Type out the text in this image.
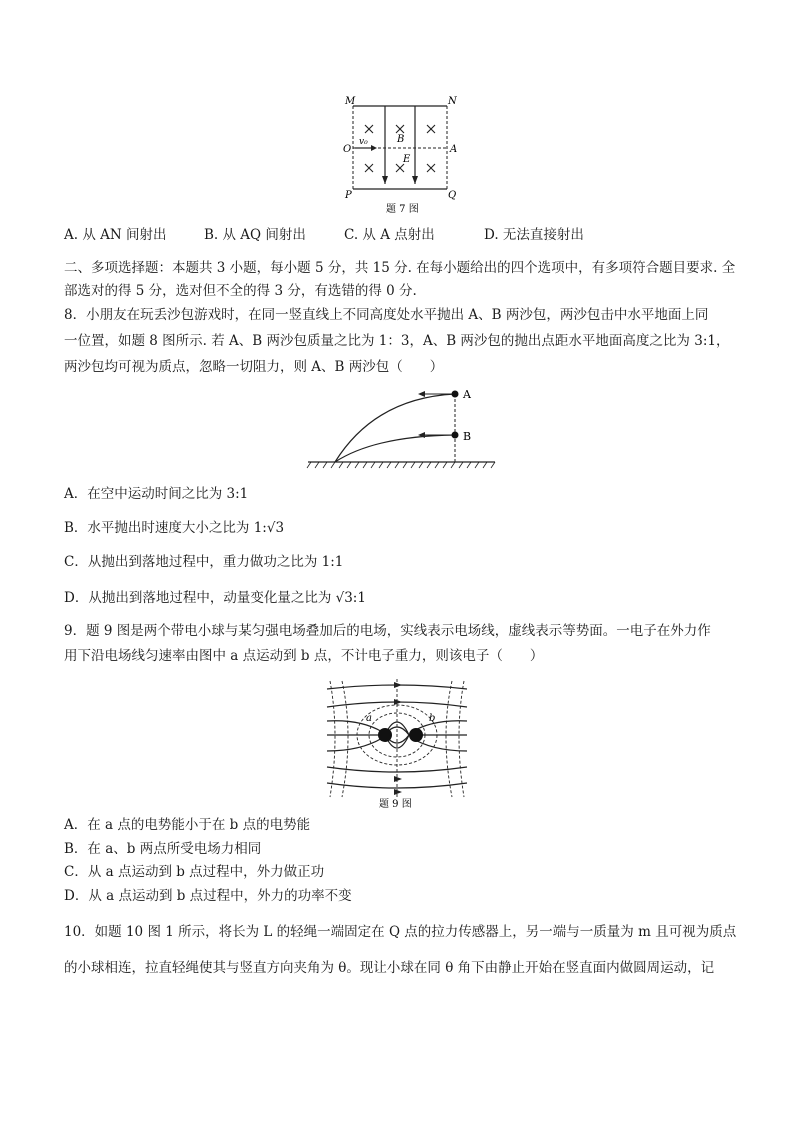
M	N
O	A
P	Q
B
E
v₀
题 7 图
A. 从 AN 间射出	B. 从 AQ 间射出	C. 从 A 点射出	D. 无法直接射出
二、多项选择题：本题共 3 小题，每小题 5 分，共 15 分. 在每小题给出的四个选项中，有多项符合题目要求. 全
部选对的得 5 分，选对但不全的得 3 分，有选错的得 0 分.
8．小朋友在玩丢沙包游戏时，在同一竖直线上不同高度处水平抛出 A、B 两沙包，两沙包击中水平地面上同
一位置，如题 8 图所示. 若 A、B 两沙包质量之比为 1：3，A、B 两沙包的抛出点距水平地面高度之比为 3:1，
两沙包均可视为质点，忽略一切阻力，则 A、B 两沙包（　　）
A
B
A．在空中运动时间之比为 3:1
B．水平抛出时速度大小之比为 1:√3
C．从抛出到落地过程中，重力做功之比为 1:1
D．从抛出到落地过程中，动量变化量之比为 √3:1
9．题 9 图是两个带电小球与某匀强电场叠加后的电场，实线表示电场线，虚线表示等势面。一电子在外力作
用下沿电场线匀速率由图中 a 点运动到 b 点，不计电子重力，则该电子（　　）
a	b
题 9 图
A．在 a 点的电势能小于在 b 点的电势能
B．在 a、b 两点所受电场力相同
C．从 a 点运动到 b 点过程中，外力做正功
D．从 a 点运动到 b 点过程中，外力的功率不变
10．如题 10 图 1 所示，将长为 L 的轻绳一端固定在 Q 点的拉力传感器上，另一端与一质量为 m 且可视为质点
的小球相连，拉直轻绳使其与竖直方向夹角为 θ。现让小球在同 θ 角下由静止开始在竖直面内做圆周运动，记
